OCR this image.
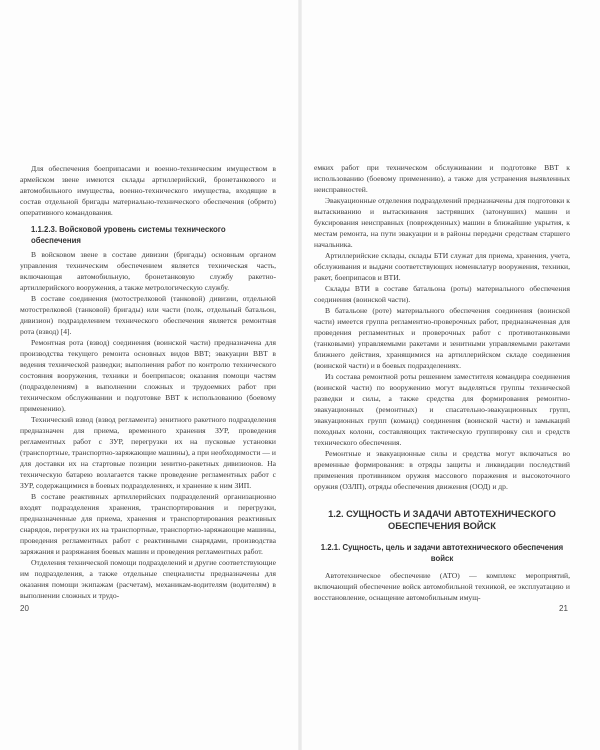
Для обеспечения боеприпасами и военно-техническим имуществом в армейском звене имеются склады артиллерийский, бронетанкового и автомобильного имущества, военно-технического имущества, входящие в состав отдельной бригады материально-технического обеспечения (обрмто) оперативного командования.

1.1.2.3. Войсковой уровень системы технического обеспечения

В войсковом звене в составе дивизии (бригады) основным органом управления техническим обеспечением является техническая часть, включающая автомобильную, бронетанковую службу ракетно-артиллерийского вооружения, а также метрологическую службу.

В составе соединения (мотострелковой (танковой) дивизии, отдельной мотострелковой (танковой) бригады) или части (полк, отдельный батальон, дивизион) подразделением технического обеспечения является ремонтная рота (взвод) [4].

Ремонтная рота (взвод) соединения (воинской части) предназначена для производства текущего ремонта основных видов ВВТ; эвакуации ВВТ в ведения технической разведки; выполнения работ по контролю технического состояния вооружения, техники и боеприпасов; оказания помощи частям (подразделениям) в выполнении сложных и трудоемких работ при техническом обслуживании и подготовке ВВТ к использованию (боевому применению).

Технический взвод (взвод регламента) зенитного ракетного подразделения предназначен для приема, временного хранения ЗУР, проведения регламентных работ с ЗУР, перегрузки их на пусковые установки (транспортные, транспортно-заряжающие машины), а при необходимости — и для доставки их на стартовые позиции зенитно-ракетных дивизионов. На техническую батарею возлагается также проведение регламентных работ с ЗУР, содержащимися в боевых подразделениях, и хранение к ним ЗИП.

В составе реактивных артиллерийских подразделений организационно входят подразделения хранения, транспортирования и перегрузки, предназначенные для приема, хранения и транспортирования реактивных снарядов, перегрузки их на транспортные, транспортно-заряжающие машины, проведения регламентных работ с реактивными снарядами, производства заряжания и разряжания боевых машин и проведения регламентных работ.

Отделения технической помощи подразделений и другие соответствующие им подразделения, а также отдельные специалисты предназначены для оказания помощи экипажам (расчетам), механикам-водителям (водителям) в выполнении сложных и трудо-

емких работ при техническом обслуживании и подготовке ВВТ к использованию (боевому применению), а также для устранения выявленных неисправностей.

Эвакуационные отделения подразделений предназначены для подготовки к вытаскиванию и вытаскивания застрявших (затонувших) машин и буксирования неисправных (поврежденных) машин в ближайшие укрытия, к местам ремонта, на пути эвакуации и в районы передачи средствам старшего начальника.

Артиллерийские склады, склады БТИ служат для приема, хранения, учета, обслуживания и выдачи соответствующих номенклатур вооружения, техники, ракет, боеприпасов и ВТИ.

Склады ВТИ в составе батальона (роты) материального обеспечения соединения (воинской части).

В батальоне (роте) материального обеспечения соединения (воинской части) имеется группа регламентно-проверочных работ, предназначенная для проведения регламентных и проверочных работ с противотанковыми (танковыми) управляемыми ракетами и зенитными управляемыми ракетами ближнего действия, хранящимися на артиллерийском складе соединения (воинской части) и в боевых подразделениях.

Из состава ремонтной роты решением заместителя командира соединения (воинской части) по вооружению могут выделяться группы технической разведки и силы, а также средства для формирования ремонтно-эвакуационных (ремонтных) и спасательно-эвакуационных групп, эвакуационных групп (команд) соединения (воинской части) и замыкаций походных колонн, составляющих тактическую группировку сил и средств технического обеспечения.

Ремонтные и эвакуационные силы и средства могут включаться во временные формирования: в отряды защиты и ликвидации последствий применения противником оружия массового поражения и высокоточного оружия (ОЗЛП), отряды обеспечения движения (ООД) и др.

1.2. СУЩНОСТЬ И ЗАДАЧИ АВТОТЕХНИЧЕСКОГО ОБЕСПЕЧЕНИЯ ВОЙСК
1.2.1. Сущность, цель и задачи автотехнического обеспечения войск

Автотехническое обеспечение (АТО) — комплекс мероприятий, включающий обеспечение войск автомобильной техникой, ее эксплуатацию и восстановление, оснащение автомобильным имущ-

20	21
